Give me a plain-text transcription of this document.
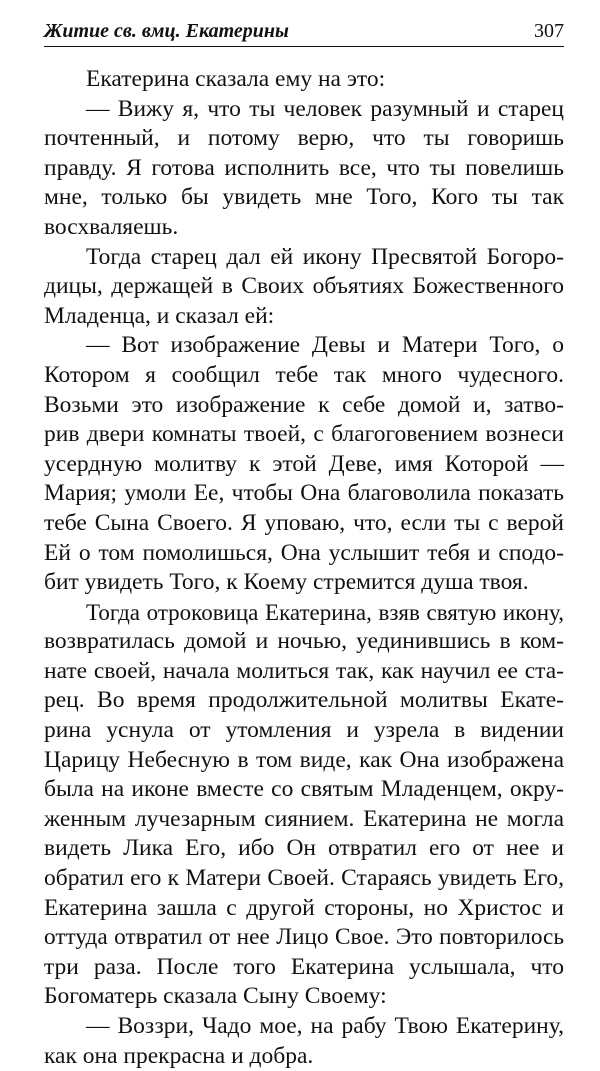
Житие св. вмц. Екатерины	307
Екатерина сказала ему на это:
— Вижу я, что ты человек разумный и старец
почтенный, и потому верю, что ты говоришь
правду. Я готова исполнить все, что ты повелишь
мне, только бы увидеть мне Того, Кого ты так
восхваляешь.
Тогда старец дал ей икону Пресвятой Богоро-
дицы, держащей в Своих объятиях Божественного
Младенца, и сказал ей:
— Вот изображение Девы и Матери Того, о
Котором я сообщил тебе так много чудесного.
Возьми это изображение к себе домой и, затво-
рив двери комнаты твоей, с благоговением вознеси
усердную молитву к этой Деве, имя Которой —
Мария; умоли Ее, чтобы Она благоволила показать
тебе Сына Своего. Я уповаю, что, если ты с верой
Ей о том помолишься, Она услышит тебя и сподо-
бит увидеть Того, к Коему стремится душа твоя.
Тогда отроковица Екатерина, взяв святую икону,
возвратилась домой и ночью, уединившись в ком-
нате своей, начала молиться так, как научил ее ста-
рец. Во время продолжительной молитвы Екате-
рина уснула от утомления и узрела в видении
Царицу Небесную в том виде, как Она изображена
была на иконе вместе со святым Младенцем, окру-
женным лучезарным сиянием. Екатерина не могла
видеть Лика Его, ибо Он отвратил его от нее и
обратил его к Матери Своей. Стараясь увидеть Его,
Екатерина зашла с другой стороны, но Христос и
оттуда отвратил от нее Лицо Свое. Это повторилось
три раза. После того Екатерина услышала, что
Богоматерь сказала Сыну Своему:
— Воззри, Чадо мое, на рабу Твою Екатерину,
как она прекрасна и добра.
